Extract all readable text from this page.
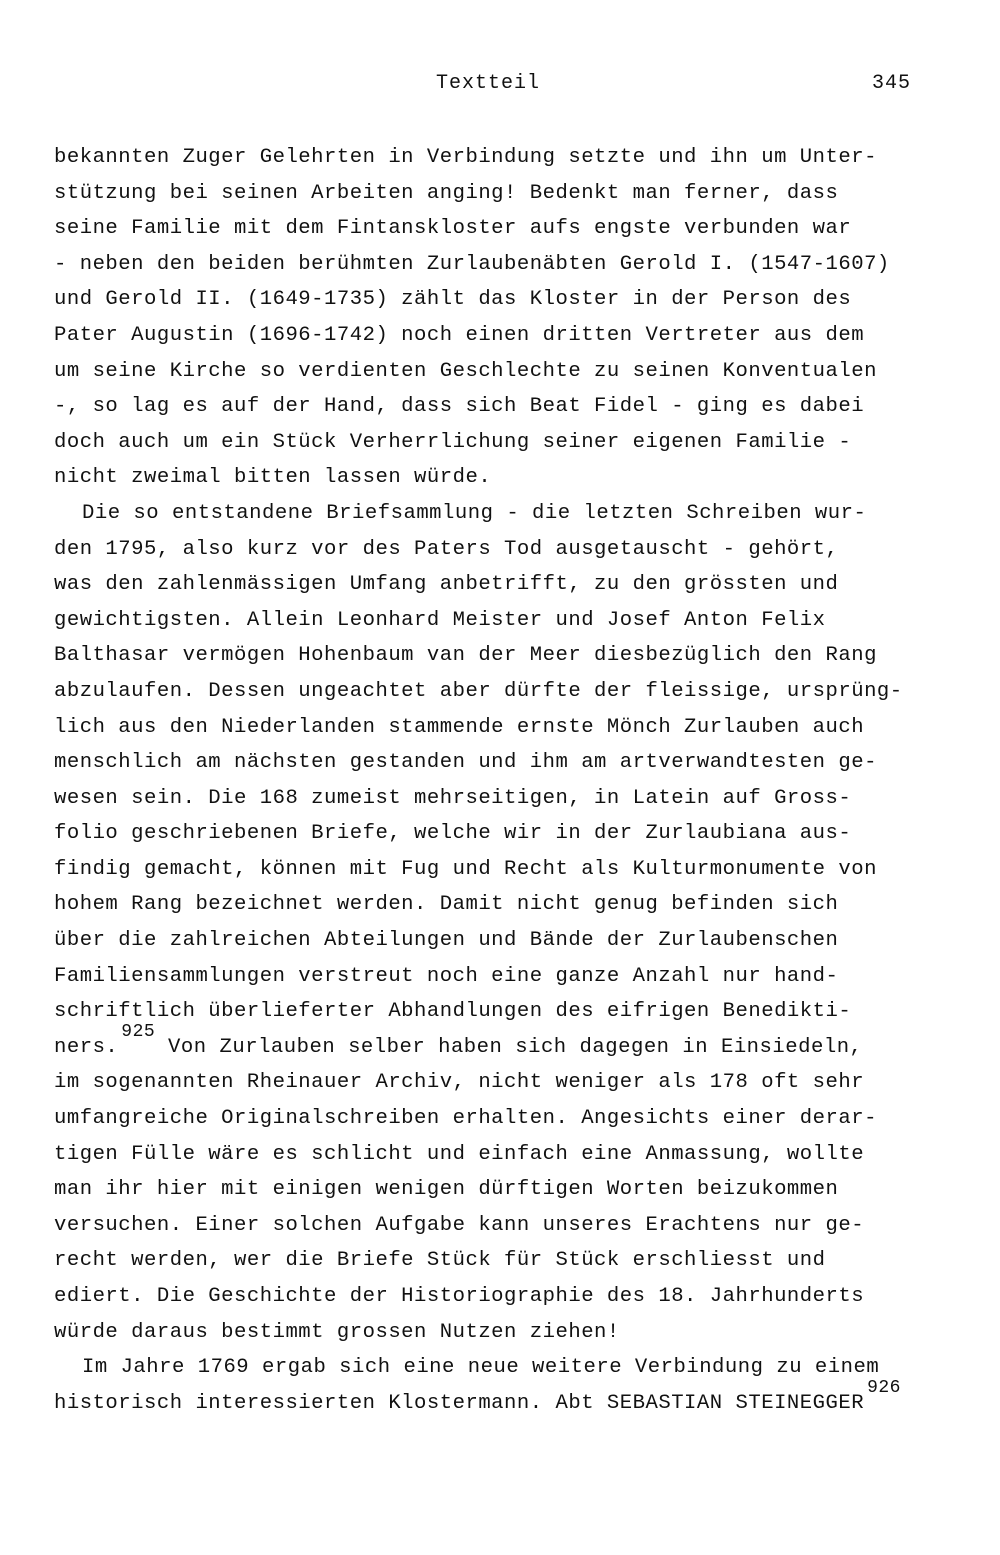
Textteil	345
bekannten Zuger Gelehrten in Verbindung setzte und ihn um Unter-
stützung bei seinen Arbeiten anging! Bedenkt man ferner, dass
seine Familie mit dem Fintanskloster aufs engste verbunden war
- neben den beiden berühmten Zurlaubenäbten Gerold I. (1547-1607)
und Gerold II. (1649-1735) zählt das Kloster in der Person des
Pater Augustin (1696-1742) noch einen dritten Vertreter aus dem
um seine Kirche so verdienten Geschlechte zu seinen Konventualen
-, so lag es auf der Hand, dass sich Beat Fidel - ging es dabei
doch auch um ein Stück Verherrlichung seiner eigenen Familie -
nicht zweimal bitten lassen würde.
Die so entstandene Briefsammlung - die letzten Schreiben wur-
den 1795, also kurz vor des Paters Tod ausgetauscht - gehört,
was den zahlenmässigen Umfang anbetrifft, zu den grössten und
gewichtigsten. Allein Leonhard Meister und Josef Anton Felix
Balthasar vermögen Hohenbaum van der Meer diesbezüglich den Rang
abzulaufen. Dessen ungeachtet aber dürfte der fleissige, ursprüng-
lich aus den Niederlanden stammende ernste Mönch Zurlauben auch
menschlich am nächsten gestanden und ihm am artverwandtesten ge-
wesen sein. Die 168 zumeist mehrseitigen, in Latein auf Gross-
folio geschriebenen Briefe, welche wir in der Zurlaubiana aus-
findig gemacht, können mit Fug und Recht als Kulturmonumente von
hohem Rang bezeichnet werden. Damit nicht genug befinden sich
über die zahlreichen Abteilungen und Bände der Zurlaubenschen
Familiensammlungen verstreut noch eine ganze Anzahl nur hand-
schriftlich überlieferter Abhandlungen des eifrigen Benedikti-
ners.925 Von Zurlauben selber haben sich dagegen in Einsiedeln,
im sogenannten Rheinauer Archiv, nicht weniger als 178 oft sehr
umfangreiche Originalschreiben erhalten. Angesichts einer derar-
tigen Fülle wäre es schlicht und einfach eine Anmassung, wollte
man ihr hier mit einigen wenigen dürftigen Worten beizukommen
versuchen. Einer solchen Aufgabe kann unseres Erachtens nur ge-
recht werden, wer die Briefe Stück für Stück erschliesst und
ediert. Die Geschichte der Historiographie des 18. Jahrhunderts
würde daraus bestimmt grossen Nutzen ziehen!
Im Jahre 1769 ergab sich eine neue weitere Verbindung zu einem
historisch interessierten Klostermann. Abt SEBASTIAN STEINEGGER926
